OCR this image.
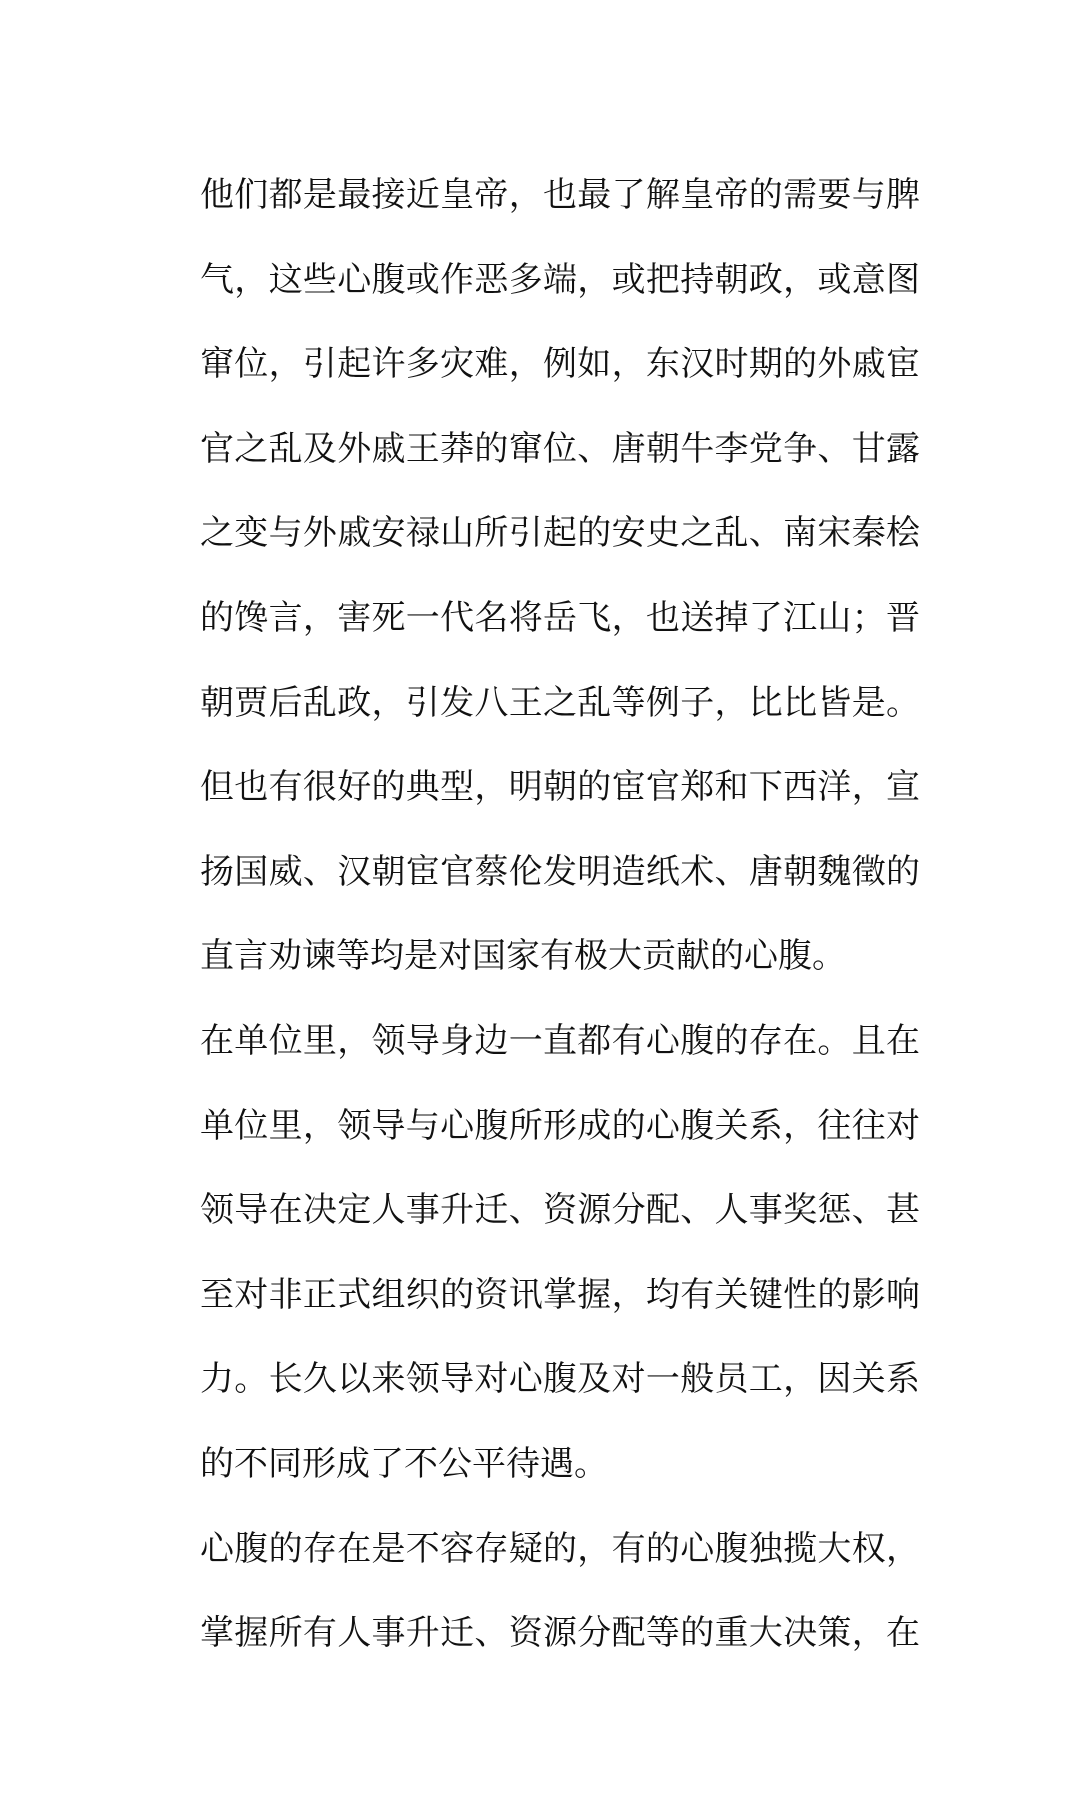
他们都是最接近皇帝，也最了解皇帝的需要与脾
气，这些心腹或作恶多端，或把持朝政，或意图
窜位，引起许多灾难，例如，东汉时期的外戚宦
官之乱及外戚王莽的窜位、唐朝牛李党争、甘露
之变与外戚安禄山所引起的安史之乱、南宋秦桧
的馋言，害死一代名将岳飞，也送掉了江山；晋
朝贾后乱政，引发八王之乱等例子，比比皆是。
但也有很好的典型，明朝的宦官郑和下西洋，宣
扬国威、汉朝宦官蔡伦发明造纸术、唐朝魏徵的
直言劝谏等均是对国家有极大贡献的心腹。
在单位里，领导身边一直都有心腹的存在。且在
单位里，领导与心腹所形成的心腹关系，往往对
领导在决定人事升迁、资源分配、人事奖惩、甚
至对非正式组织的资讯掌握，均有关键性的影响
力。长久以来领导对心腹及对一般员工，因关系
的不同形成了不公平待遇。
心腹的存在是不容存疑的，有的心腹独揽大权，
掌握所有人事升迁、资源分配等的重大决策，在
